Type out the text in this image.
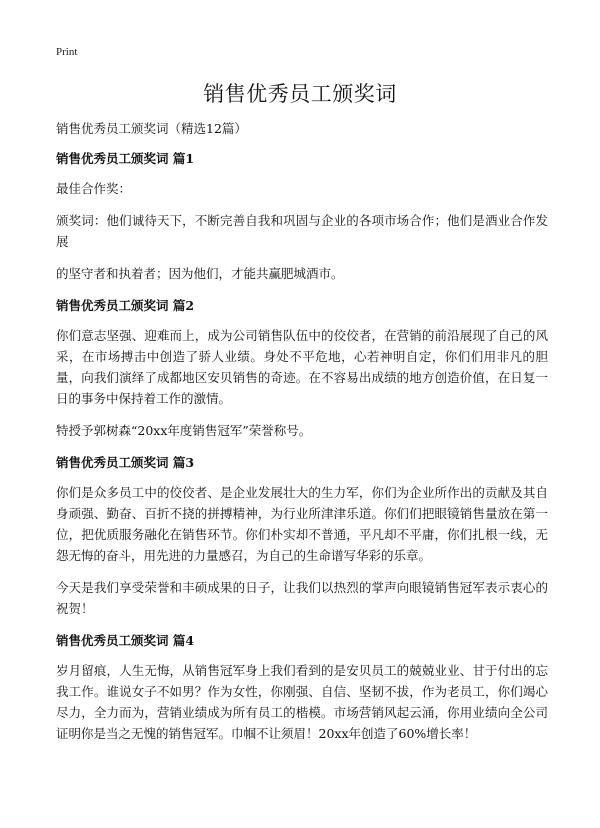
Print
销售优秀员工颁奖词

销售优秀员工颁奖词（精选12篇）

销售优秀员工颁奖词 篇1

最佳合作奖：

颁奖词：他们诚待天下，不断完善自我和巩固与企业的各项市场合作；他们是酒业合作发展

的坚守者和执着者；因为他们，才能共赢肥城酒市。

销售优秀员工颁奖词 篇2

你们意志坚强、迎难而上，成为公司销售队伍中的佼佼者，在营销的前沿展现了自己的风采，在市场搏击中创造了骄人业绩。身处不平危地，心若神明自定，你们们用非凡的胆量，向我们演绎了成都地区安贝销售的奇迹。在不容易出成绩的地方创造价值，在日复一日的事务中保持着工作的激情。

特授予郭树森“20xx年度销售冠军”荣誉称号。

销售优秀员工颁奖词 篇3

你们是众多员工中的佼佼者、是企业发展壮大的生力军，你们为企业所作出的贡献及其自身顽强、勤奋、百折不挠的拼搏精神，为行业所津津乐道。你们们把眼镜销售量放在第一位，把优质服务融化在销售环节。你们朴实却不普通，平凡却不平庸，你们扎根一线，无怨无悔的奋斗，用先进的力量感召，为自己的生命谱写华彩的乐章。

今天是我们享受荣誉和丰硕成果的日子，让我们以热烈的掌声向眼镜销售冠军表示衷心的祝贺！

销售优秀员工颁奖词 篇4

岁月留痕，人生无悔，从销售冠军身上我们看到的是安贝员工的兢兢业业、甘于付出的忘我工作。谁说女子不如男？作为女性，你刚强、自信、坚韧不拔，作为老员工，你们竭心尽力，全力而为，营销业绩成为所有员工的楷模。市场营销风起云涌，你用业绩向全公司证明你是当之无愧的销售冠军。巾帼不让须眉！20xx年创造了60%增长率！
